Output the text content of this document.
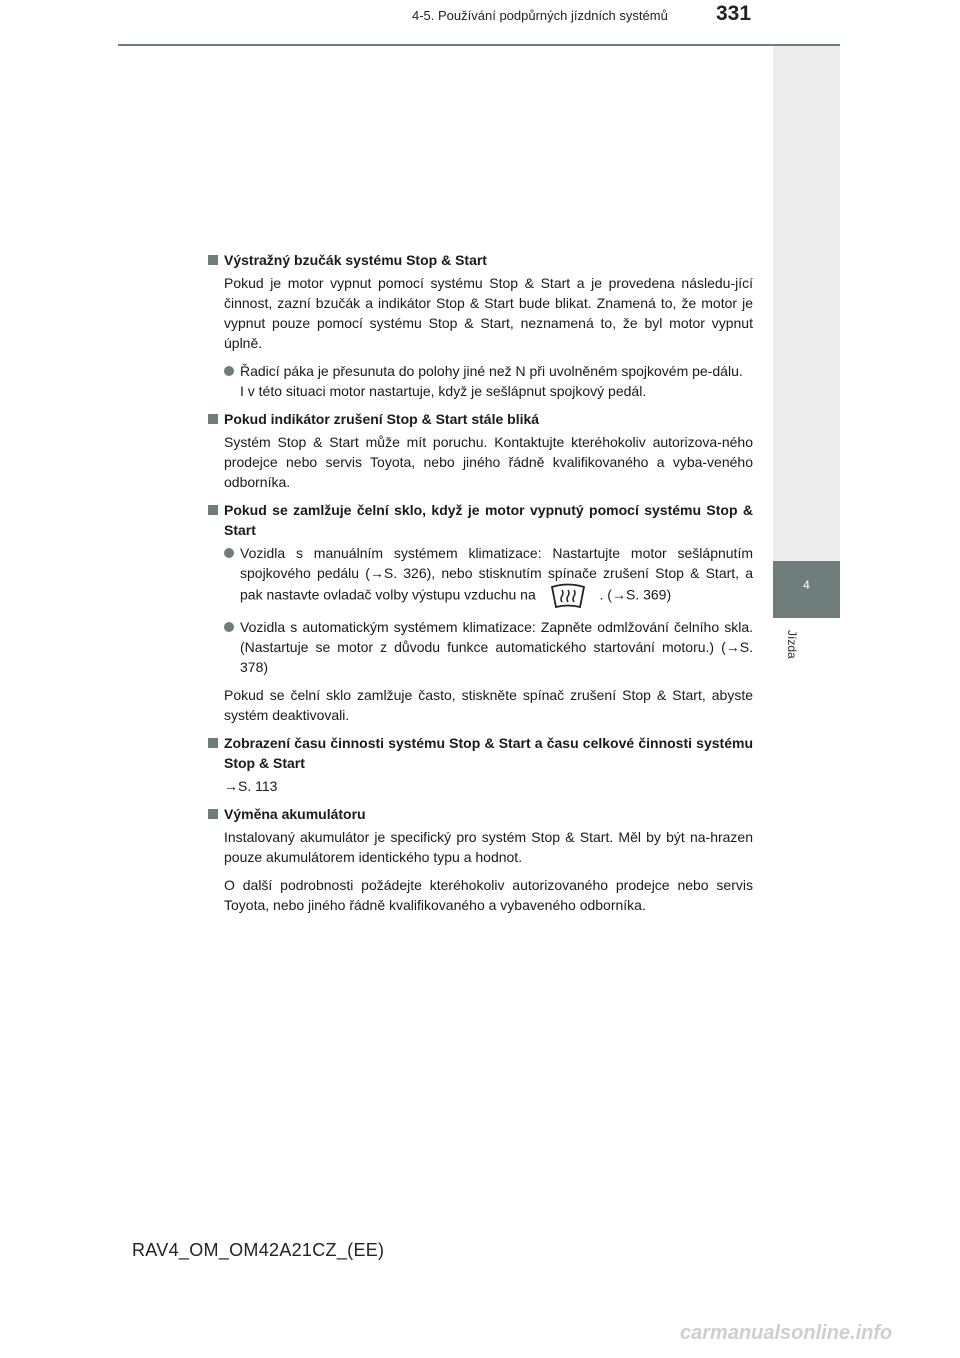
4-5. Používání podpůrných jízdních systémů 331
4
Jízda
Výstražný bzučák systému Stop & Start
Pokud je motor vypnut pomocí systému Stop & Start a je provedena následu-jící činnost, zazní bzučák a indikátor Stop & Start bude blikat. Znamená to, že motor je vypnut pouze pomocí systému Stop & Start, neznamená to, že byl motor vypnut úplně.
Řadicí páka je přesunuta do polohy jiné než N při uvolněném spojkovém pe-dálu.
I v této situaci motor nastartuje, když je sešlápnut spojkový pedál.
Pokud indikátor zrušení Stop & Start stále bliká
Systém Stop & Start může mít poruchu. Kontaktujte kteréhokoliv autorizova-ného prodejce nebo servis Toyota, nebo jiného řádně kvalifikovaného a vyba-veného odborníka.
Pokud se zamlžuje čelní sklo, když je motor vypnutý pomocí systému Stop & Start
Vozidla s manuálním systémem klimatizace: Nastartujte motor sešlápnutím spojkového pedálu (→S. 326), nebo stisknutím spínače zrušení Stop & Start, a pak nastavte ovladač volby výstupu vzduchu na	. (→S. 369)
Vozidla s automatickým systémem klimatizace: Zapněte odmlžování čelního skla. (Nastartuje se motor z důvodu funkce automatického startování motoru.) (→S. 378)
Pokud se čelní sklo zamlžuje často, stiskněte spínač zrušení Stop & Start, abyste systém deaktivovali.
Zobrazení času činnosti systému Stop & Start a času celkové činnosti systému Stop & Start
→S. 113
Výměna akumulátoru
Instalovaný akumulátor je specifický pro systém Stop & Start. Měl by být na-hrazen pouze akumulátorem identického typu a hodnot.
O další podrobnosti požádejte kteréhokoliv autorizovaného prodejce nebo servis Toyota, nebo jiného řádně kvalifikovaného a vybaveného odborníka.
RAV4_OM_OM42A21CZ_(EE)
carmanualsonline.info
